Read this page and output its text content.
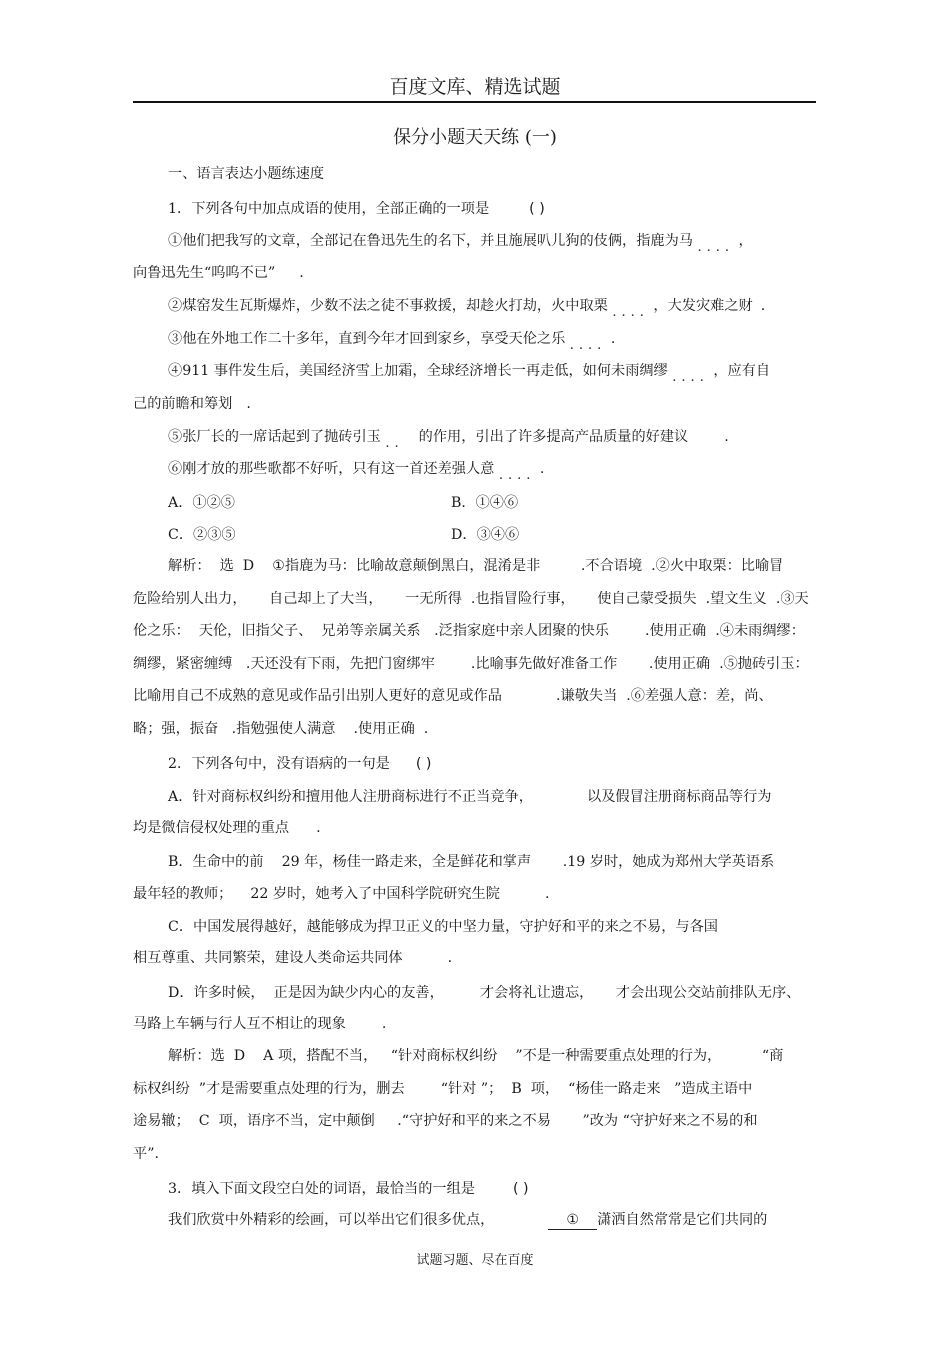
百度文库、精选试题
保分小题天天练 (一)
一、语言表达小题练速度
1．下列各句中加点成语的使用，全部正确的一项是	( )
①他们把我写的文章，全部记在鲁迅先生的名下，并且施展叭儿狗的伎俩，指鹿为马 .... ，
向鲁迅先生“呜呜不已” .
②煤窑发生瓦斯爆炸，少数不法之徒不事救援，却趁火打劫，火中取栗 .... ，大发灾难之财 .
③他在外地工作二十多年，直到今年才回到家乡，享受天伦之乐 .... .
④911 事件发生后，美国经济雪上加霜，全球经济增长一再走低，如何未雨绸缪 .... ，应有自
己的前瞻和筹划 .
⑤张厂长的一席话起到了抛砖引玉 .. 的作用，引出了许多提高产品质量的好建议	.
⑥刚才放的那些歌都不好听，只有这一首还差强人意 .... .
A．①②⑤	B．①④⑥
C．②③⑤	D．③④⑥
解析：  选  D    ①指鹿为马：比喻故意颠倒黑白，混淆是非         .不合语境  .②火中取栗：比喻冒
危险给别人出力，     自己却上了大当，     一无所得  .也指冒险行事，     使自己蒙受损失  .望文生义  .③天
伦之乐：  天伦，旧指父子、  兄弟等亲属关系   .泛指家庭中亲人团聚的快乐        .使用正确  .④未雨绸缪：
绸缪，紧密缠缚   .天还没有下雨，先把门窗绑牢        .比喻事先做好准备工作       .使用正确  .⑤抛砖引玉：
比喻用自己不成熟的意见或作品引出别人更好的意见或作品            .谦敬失当  .⑥差强人意：差，尚、
略；强，振奋   .指勉强使人满意    .使用正确  .
2．下列各句中，没有语病的一句是 ( )
A．针对商标权纠纷和擅用他人注册商标进行不正当竞争，            以及假冒注册商标商品等行为
均是微信侵权处理的重点      .
B．生命中的前    29 年，杨佳一路走来，全是鲜花和掌声       .19 岁时，她成为郑州大学英语系
最年轻的教师；    22 岁时，她考入了中国科学院研究生院          .
C．中国发展得越好，越能够成为捍卫正义的中坚力量，守护好和平的来之不易，与各国
相互尊重、共同繁荣，建设人类命运共同体          .
D．许多时候，  正是因为缺少内心的友善，        才会将礼让遗忘，     才会出现公交站前排队无序、
马路上车辆与行人互不相让的现象        .
解析：选  D    A 项，搭配不当，   “针对商标权纠纷    ”不是一种需要重点处理的行为，         “商
标权纠纷  ”才是需要重点处理的行为，删去        “针对 ”；  B  项，  “杨佳一路走来   ”造成主语中
途易辙；  C  项，语序不当，定中颠倒     .“守护好和平的来之不易       ”改为 “守护好来之不易的和
平”.
3．填入下面文段空白处的词语，最恰当的一组是	( )
我们欣赏中外精彩的绘画，可以举出它们很多优点，	① 潇洒自然常常是它们共同的
试题习题、尽在百度
